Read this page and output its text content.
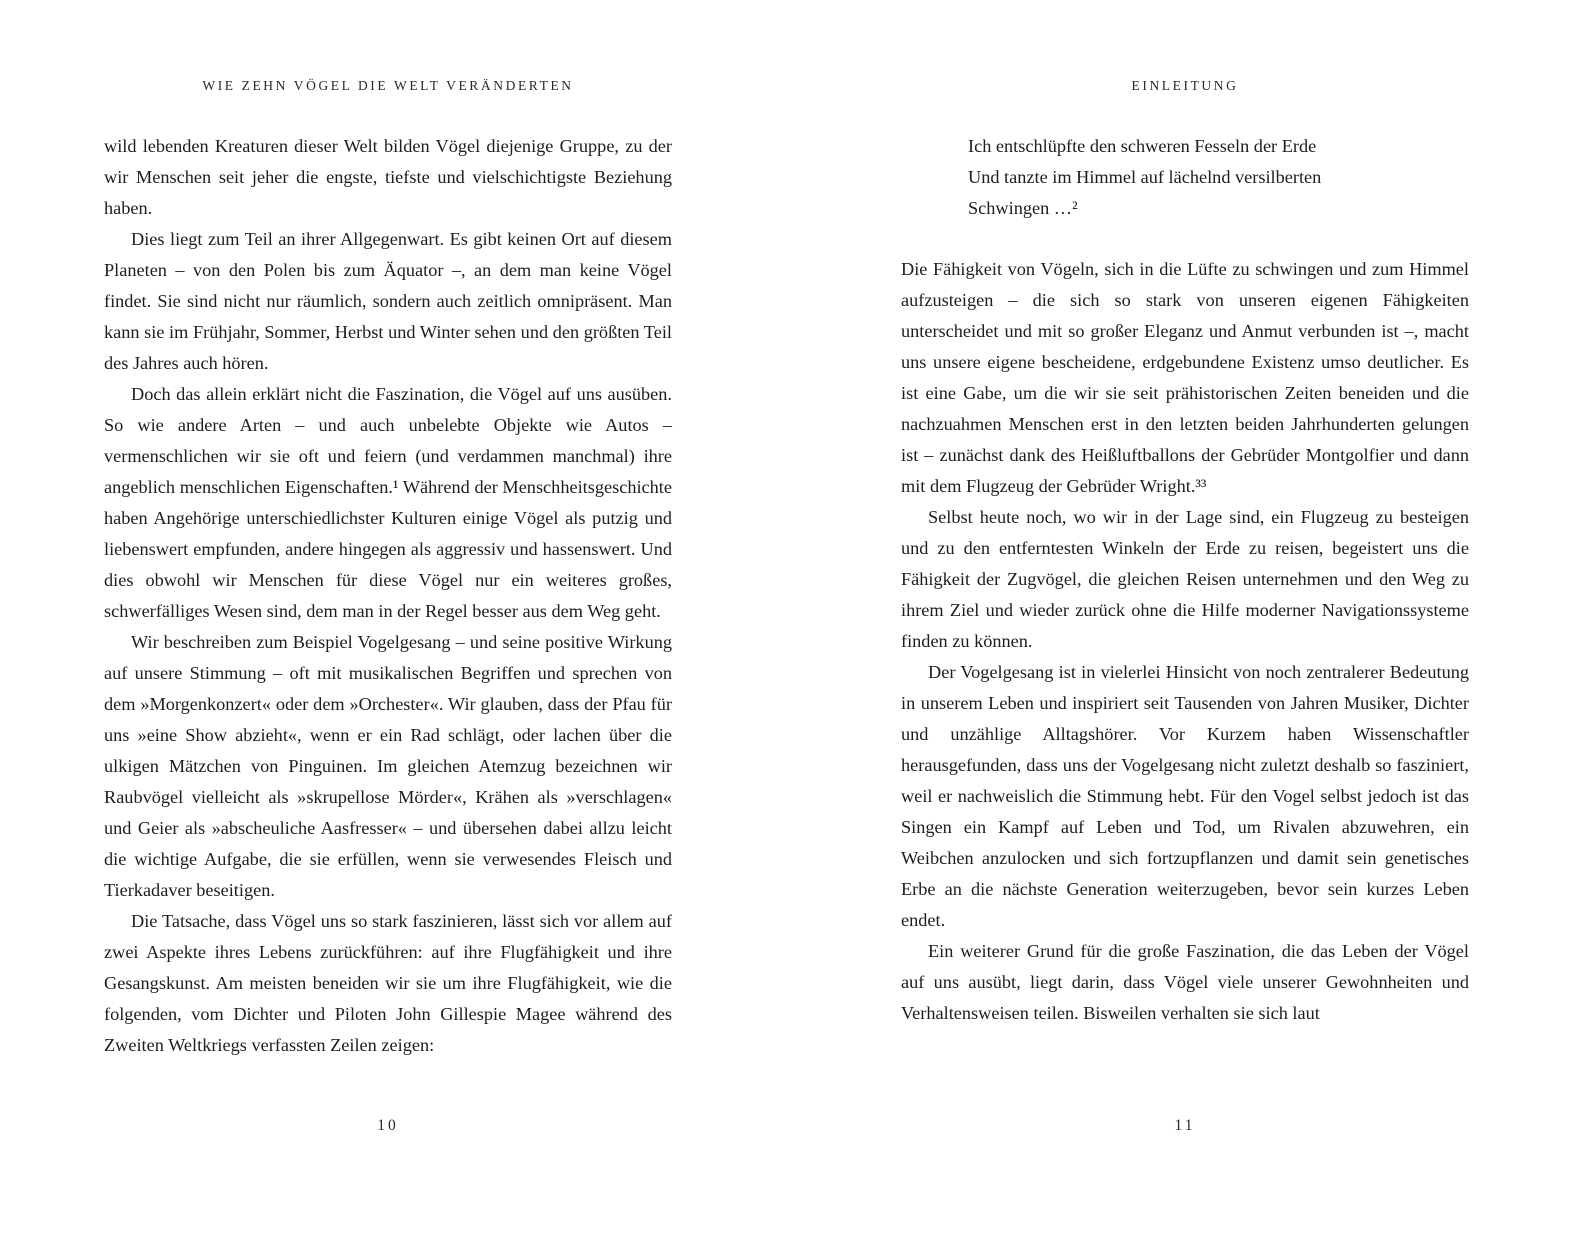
WIE ZEHN VÖGEL DIE WELT VERÄNDERTEN

wild lebenden Kreaturen dieser Welt bilden Vögel diejenige Gruppe, zu der wir Menschen seit jeher die engste, tiefste und vielschichtigste Beziehung haben.

Dies liegt zum Teil an ihrer Allgegenwart. Es gibt keinen Ort auf diesem Planeten – von den Polen bis zum Äquator –, an dem man keine Vögel findet. Sie sind nicht nur räumlich, sondern auch zeitlich omnipräsent. Man kann sie im Frühjahr, Sommer, Herbst und Winter sehen und den größten Teil des Jahres auch hören.

Doch das allein erklärt nicht die Faszination, die Vögel auf uns ausüben. So wie andere Arten – und auch unbelebte Objekte wie Autos – vermenschlichen wir sie oft und feiern (und verdammen manchmal) ihre angeblich menschlichen Eigenschaften.¹ Während der Menschheitsgeschichte haben Angehörige unterschiedlichster Kulturen einige Vögel als putzig und liebenswert empfunden, andere hingegen als aggressiv und hassenswert. Und dies obwohl wir Menschen für diese Vögel nur ein weiteres großes, schwerfälliges Wesen sind, dem man in der Regel besser aus dem Weg geht.

Wir beschreiben zum Beispiel Vogelgesang – und seine positive Wirkung auf unsere Stimmung – oft mit musikalischen Begriffen und sprechen von dem »Morgenkonzert« oder dem »Orchester«. Wir glauben, dass der Pfau für uns »eine Show abzieht«, wenn er ein Rad schlägt, oder lachen über die ulkigen Mätzchen von Pinguinen. Im gleichen Atemzug bezeichnen wir Raubvögel vielleicht als »skrupellose Mörder«, Krähen als »verschlagen« und Geier als »abscheuliche Aasfresser« – und übersehen dabei allzu leicht die wichtige Aufgabe, die sie erfüllen, wenn sie verwesendes Fleisch und Tierkadaver beseitigen.

Die Tatsache, dass Vögel uns so stark faszinieren, lässt sich vor allem auf zwei Aspekte ihres Lebens zurückführen: auf ihre Flugfähigkeit und ihre Gesangskunst. Am meisten beneiden wir sie um ihre Flugfähigkeit, wie die folgenden, vom Dichter und Piloten John Gillespie Magee während des Zweiten Weltkriegs verfassten Zeilen zeigen:

10
EINLEITUNG
Ich entschlüpfte den schweren Fesseln der Erde
Und tanzte im Himmel auf lächelnd versilberten
Schwingen …²

Die Fähigkeit von Vögeln, sich in die Lüfte zu schwingen und zum Himmel aufzusteigen – die sich so stark von unseren eigenen Fähigkeiten unterscheidet und mit so großer Eleganz und Anmut verbunden ist –, macht uns unsere eigene bescheidene, erdgebundene Existenz umso deutlicher. Es ist eine Gabe, um die wir sie seit prähistorischen Zeiten beneiden und die nachzuahmen Menschen erst in den letzten beiden Jahrhunderten gelungen ist – zunächst dank des Heißluftballons der Gebrüder Montgolfier und dann mit dem Flugzeug der Gebrüder Wright.³³

Selbst heute noch, wo wir in der Lage sind, ein Flugzeug zu besteigen und zu den entferntesten Winkeln der Erde zu reisen, begeistert uns die Fähigkeit der Zugvögel, die gleichen Reisen unternehmen und den Weg zu ihrem Ziel und wieder zurück ohne die Hilfe moderner Navigationssysteme finden zu können.

Der Vogelgesang ist in vielerlei Hinsicht von noch zentralerer Bedeutung in unserem Leben und inspiriert seit Tausenden von Jahren Musiker, Dichter und unzählige Alltagshörer. Vor Kurzem haben Wissenschaftler herausgefunden, dass uns der Vogelgesang nicht zuletzt deshalb so fasziniert, weil er nachweislich die Stimmung hebt. Für den Vogel selbst jedoch ist das Singen ein Kampf auf Leben und Tod, um Rivalen abzuwehren, ein Weibchen anzulocken und sich fortzupflanzen und damit sein genetisches Erbe an die nächste Generation weiterzugeben, bevor sein kurzes Leben endet.

Ein weiterer Grund für die große Faszination, die das Leben der Vögel auf uns ausübt, liegt darin, dass Vögel viele unserer Gewohnheiten und Verhaltensweisen teilen. Bisweilen verhalten sie sich laut

11
